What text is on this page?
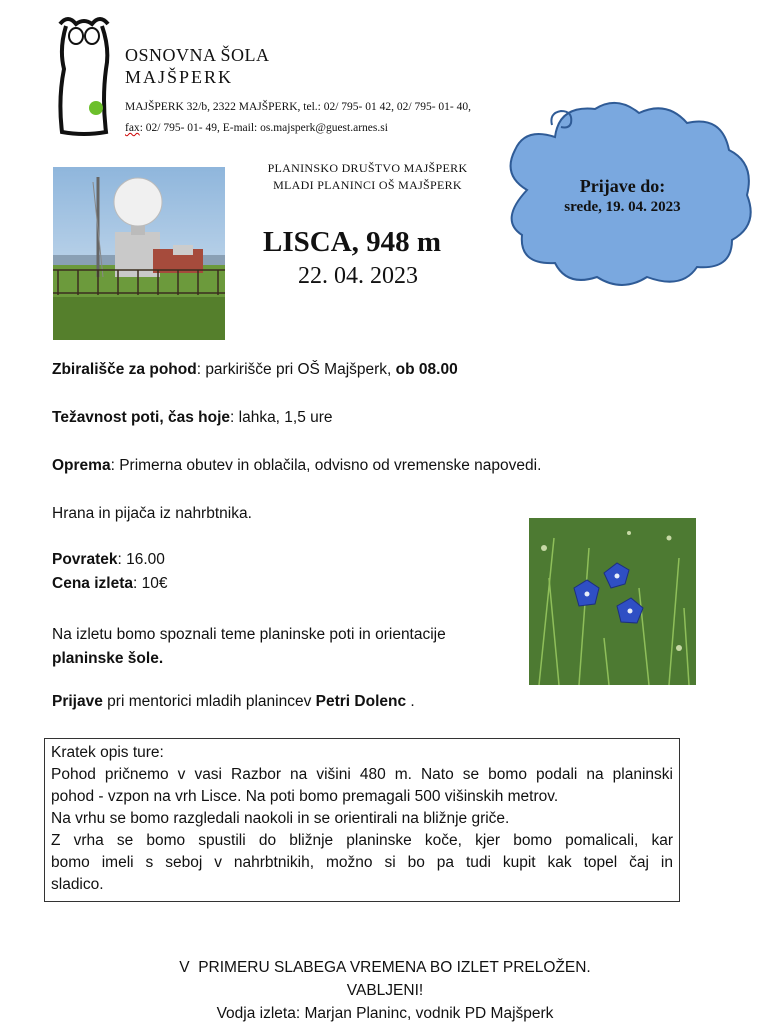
OSNOVNA ŠOLA
MAJŠPERK
MAJŠPERK 32/b, 2322 MAJŠPERK, tel.: 02/ 795- 01 42, 02/ 795- 01- 40,
fax: 02/ 795- 01- 49, E-mail: os.majsperk@guest.arnes.si
PLANINSKO DRUŠTVO MAJŠPERK
MLADI PLANINCI OŠ MAJŠPERK
LISCA, 948 m
22. 04. 2023
Prijave do:
srede, 19. 04. 2023
Zbirališče za pohod: parkirišče pri OŠ Majšperk, ob 08.00
Težavnost poti, čas hoje: lahka, 1,5 ure
Oprema: Primerna obutev in oblačila, odvisno od vremenske napovedi.
Hrana in pijača iz nahrbtnika.
Povratek: 16.00
Cena izleta: 10€
Na izletu bomo spoznali teme planinske poti in orientacije
planinske šole.
Prijave pri mentorici mladih planincev Petri Dolenc .
Kratek opis ture:
Pohod pričnemo v vasi Razbor na višini 480 m. Nato se bomo podali na planinski
pohod - vzpon na vrh Lisce. Na poti bomo premagali 500 višinskih metrov.
Na vrhu se bomo razgledali naokoli in se orientirali na bližnje griče.
Z vrha se bomo spustili do bližnje planinske koče, kjer bomo pomalicali, kar
bomo imeli s seboj v nahrbtnikih, možno si bo pa tudi kupit kak topel čaj in
sladico.
V  PRIMERU SLABEGA VREMENA BO IZLET PRELOŽEN.
VABLJENI!
Vodja izleta: Marjan Planinc, vodnik PD Majšperk
